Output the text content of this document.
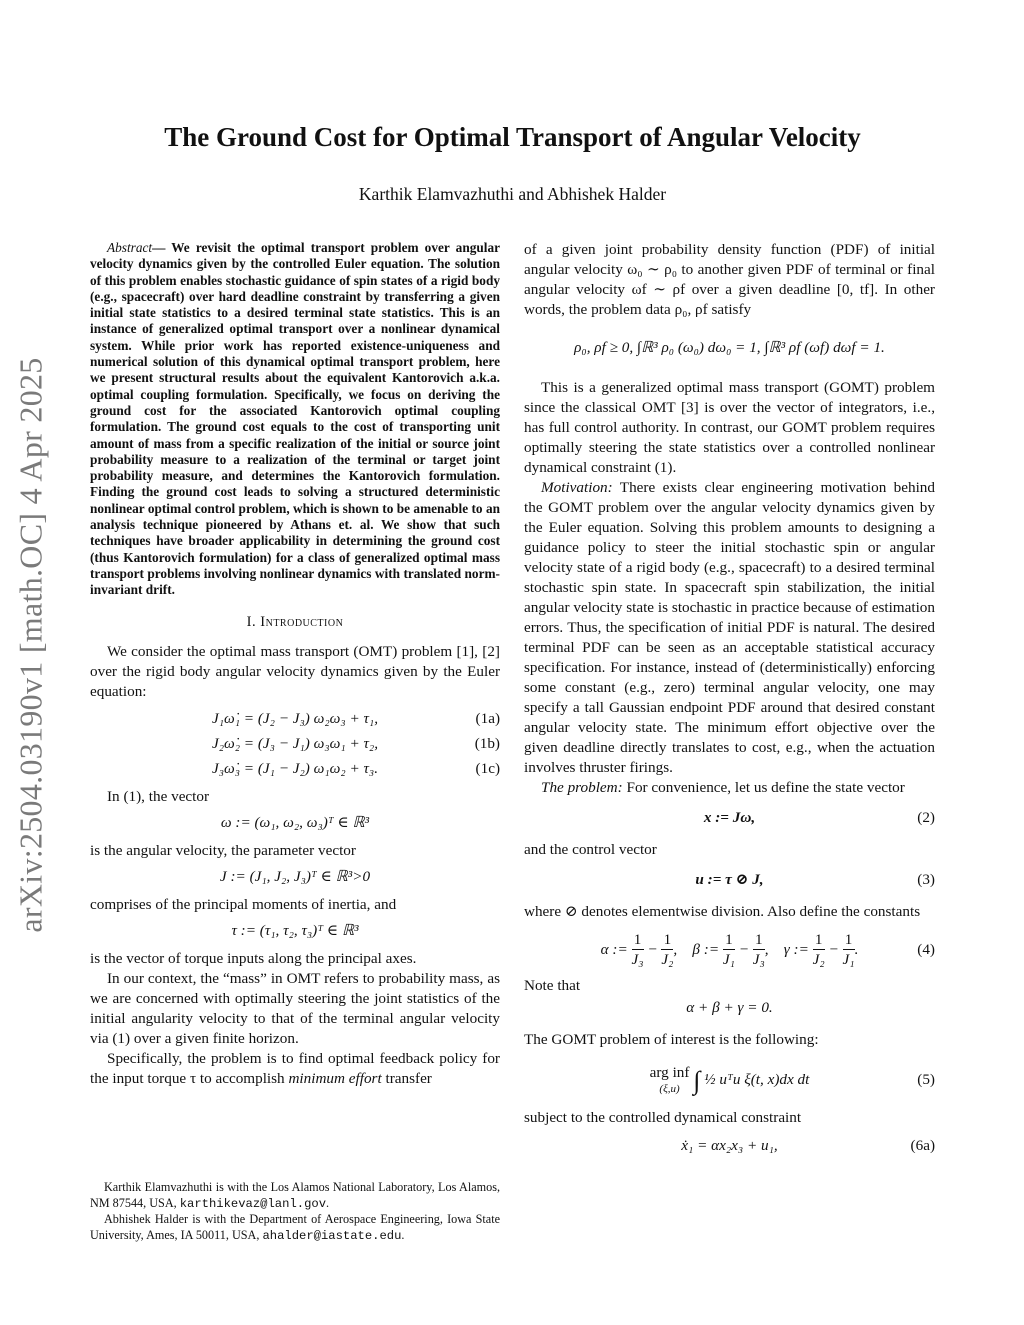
arXiv:2504.03190v1 [math.OC] 4 Apr 2025
The Ground Cost for Optimal Transport of Angular Velocity
Karthik Elamvazhuthi and Abhishek Halder

Abstract— We revisit the optimal transport problem over angular velocity dynamics given by the controlled Euler equation. The solution of this problem enables stochastic guidance of spin states of a rigid body (e.g., spacecraft) over hard deadline constraint by transferring a given initial state statistics to a desired terminal state statistics. This is an instance of generalized optimal transport over a nonlinear dynamical system. While prior work has reported existence-uniqueness and numerical solution of this dynamical optimal transport problem, here we present structural results about the equivalent Kantorovich a.k.a. optimal coupling formulation. Specifically, we focus on deriving the ground cost for the associated Kantorovich optimal coupling formulation. The ground cost equals to the cost of transporting unit amount of mass from a specific realization of the initial or source joint probability measure to a realization of the terminal or target joint probability measure, and determines the Kantorovich formulation. Finding the ground cost leads to solving a structured deterministic nonlinear optimal control problem, which is shown to be amenable to an analysis technique pioneered by Athans et. al. We show that such techniques have broader applicability in determining the ground cost (thus Kantorovich formulation) for a class of generalized optimal mass transport problems involving nonlinear dynamics with translated norm-invariant drift.

I. Introduction

We consider the optimal mass transport (OMT) problem [1], [2] over the rigid body angular velocity dynamics given by the Euler equation:

J₁ω̇₁ = (J₂ − J₃) ω₂ω₃ + τ₁,	(1a)
J₂ω̇₂ = (J₃ − J₁) ω₃ω₁ + τ₂,	(1b)
J₃ω̇₃ = (J₁ − J₂) ω₁ω₂ + τ₃.	(1c)

In (1), the vector

ω := (ω₁, ω₂, ω₃)ᵀ ∈ ℝ³

is the angular velocity, the parameter vector

J := (J₁, J₂, J₃)ᵀ ∈ ℝ³>0

comprises of the principal moments of inertia, and

τ := (τ₁, τ₂, τ₃)ᵀ ∈ ℝ³

is the vector of torque inputs along the principal axes.

In our context, the “mass” in OMT refers to probability mass, as we are concerned with optimally steering the joint statistics of the initial angularity velocity to that of the terminal angular velocity via (1) over a given finite horizon.

Specifically, the problem is to find optimal feedback policy for the input torque τ to accomplish minimum effort transfer

Karthik Elamvazhuthi is with the Los Alamos National Laboratory, Los Alamos, NM 87544, USA, karthikevaz@lanl.gov.

Abhishek Halder is with the Department of Aerospace Engineering, Iowa State University, Ames, IA 50011, USA, ahalder@iastate.edu.

of a given joint probability density function (PDF) of initial angular velocity ω₀ ∼ ρ₀ to another given PDF of terminal or final angular velocity ωf ∼ ρf over a given deadline [0, tf]. In other words, the problem data ρ₀, ρf satisfy

ρ₀, ρf ≥ 0, ∫ℝ³ ρ₀ (ω₀) dω₀ = 1, ∫ℝ³ ρf (ωf) dωf = 1.

This is a generalized optimal mass transport (GOMT) problem since the classical OMT [3] is over the vector of integrators, i.e., has full control authority. In contrast, our GOMT problem requires optimally steering the state statistics over a controlled nonlinear dynamical constraint (1).

Motivation: There exists clear engineering motivation behind the GOMT problem over the angular velocity dynamics given by the Euler equation. Solving this problem amounts to designing a guidance policy to steer the initial stochastic spin or angular velocity state of a rigid body (e.g., spacecraft) to a desired terminal stochastic spin state. In spacecraft spin stabilization, the initial angular velocity state is stochastic in practice because of estimation errors. Thus, the specification of initial PDF is natural. The desired terminal PDF can be seen as an acceptable statistical accuracy specification. For instance, instead of (deterministically) enforcing some constant (e.g., zero) terminal angular velocity, one may specify a tall Gaussian endpoint PDF around that desired constant angular velocity state. The minimum effort objective over the given deadline directly translates to cost, e.g., when the actuation involves thruster firings.

The problem: For convenience, let us define the state vector

x := Jω,	(2)

and the control vector

u := τ ⊘ J,	(3)

where ⊘ denotes elementwise division. Also define the constants

α := $\frac{1}{\text{J₃}} - \frac{1}{\text{J₂}}$ ,    β := $\frac{1}{\text{J₁}} - \frac{1}{\text{J₃}}$ ,    γ := $\frac{1}{\text{J₂}} - \frac{1}{\text{J₁}}$ .	(4)

Note that

α + β + γ = 0.

The GOMT problem of interest is the following:

arg inf
(ξ,u) ∫ ½ uᵀu ξ(t, x)dx dt	(5)

subject to the controlled dynamical constraint

ẋ₁ = αx₂x₃ + u₁,	(6a)
